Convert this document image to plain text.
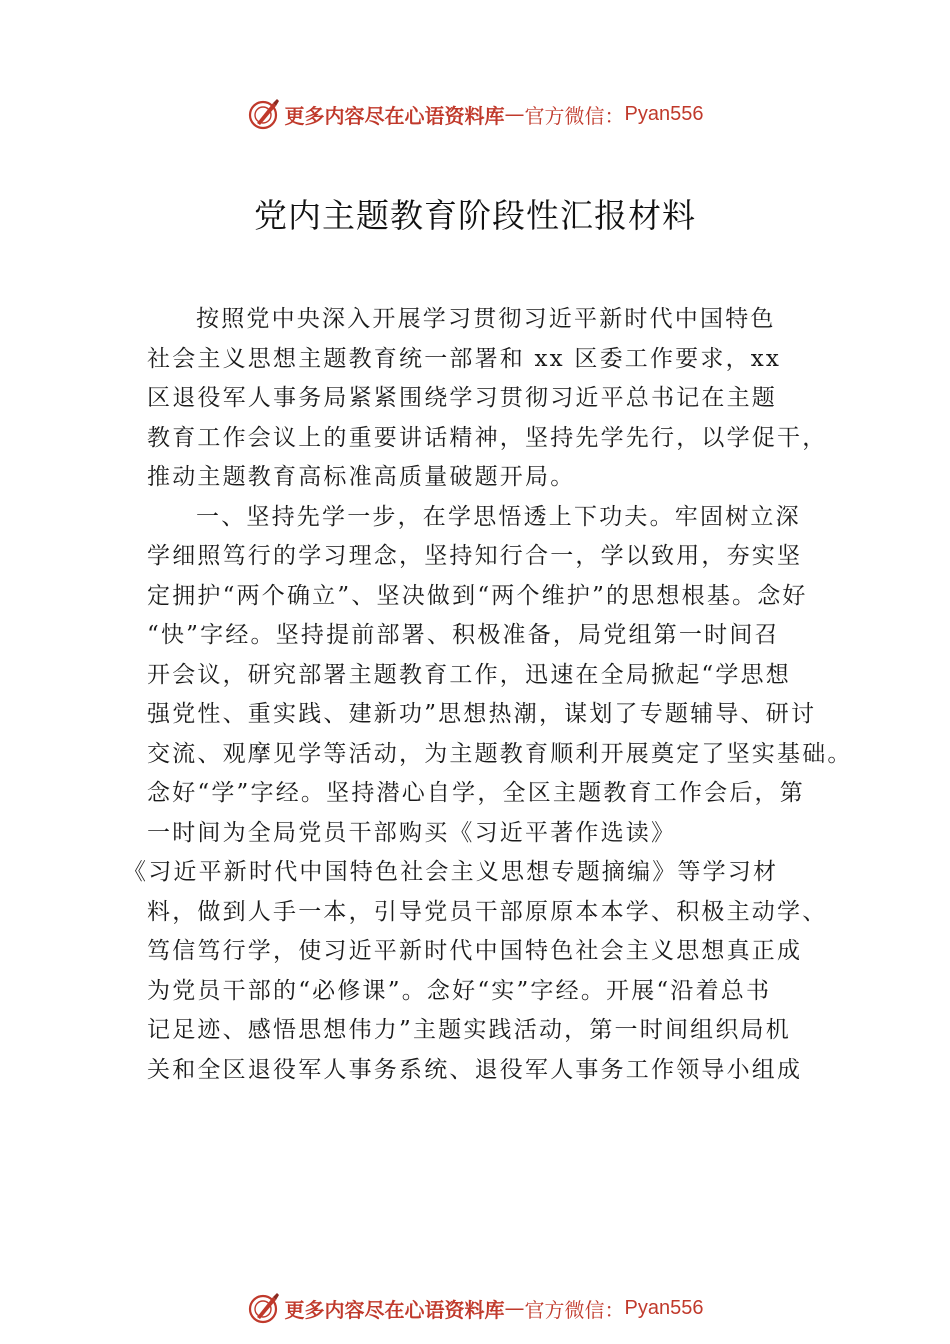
更多内容尽在心语资料库 — 官方微信： Pyan556
党内主题教育阶段性汇报材料
按照党中央深入开展学习贯彻习近平新时代中国特色
社会主义思想主题教育统一部署和 xx 区委工作要求，xx
区退役军人事务局紧紧围绕学习贯彻习近平总书记在主题
教育工作会议上的重要讲话精神，坚持先学先行，以学促干，
推动主题教育高标准高质量破题开局。
一、坚持先学一步，在学思悟透上下功夫。牢固树立深
学细照笃行的学习理念，坚持知行合一，学以致用，夯实坚
定拥护“两个确立”、坚决做到“两个维护”的思想根基。念好
“快”字经。坚持提前部署、积极准备，局党组第一时间召
开会议，研究部署主题教育工作，迅速在全局掀起“学思想
强党性、重实践、建新功”思想热潮，谋划了专题辅导、研讨
交流、观摩见学等活动，为主题教育顺利开展奠定了坚实基础。
念好“学”字经。坚持潜心自学，全区主题教育工作会后，第
一时间为全局党员干部购买《习近平著作选读》
《习近平新时代中国特色社会主义思想专题摘编》等学习材
料，做到人手一本，引导党员干部原原本本学、积极主动学、
笃信笃行学，使习近平新时代中国特色社会主义思想真正成
为党员干部的“必修课”。念好“实”字经。开展“沿着总书
记足迹、感悟思想伟力”主题实践活动，第一时间组织局机
关和全区退役军人事务系统、退役军人事务工作领导小组成
更多内容尽在心语资料库 — 官方微信： Pyan556
